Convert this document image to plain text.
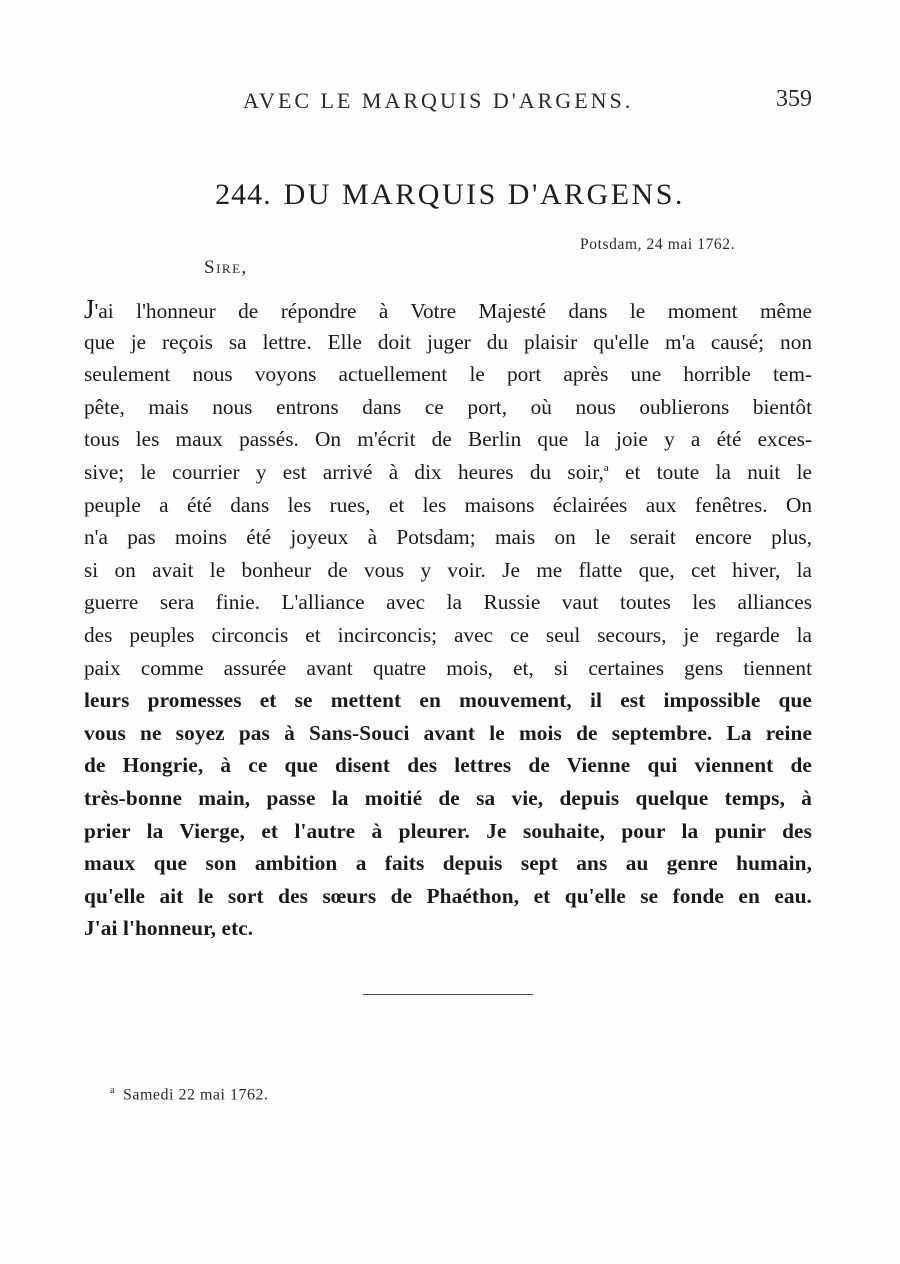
AVEC LE MARQUIS D'ARGENS.	359
244. DU MARQUIS D'ARGENS.
Potsdam, 24 mai 1762.
Sire,
J'ai l'honneur de répondre à Votre Majesté dans le moment même
que je reçois sa lettre. Elle doit juger du plaisir qu'elle m'a causé; non
seulement nous voyons actuellement le port après une horrible tem-
pête, mais nous entrons dans ce port, où nous oublierons bientôt
tous les maux passés. On m'écrit de Berlin que la joie y a été exces-
sive; le courrier y est arrivé à dix heures du soir,$^a$ et toute la nuit le
peuple a été dans les rues, et les maisons éclairées aux fenêtres. On
n'a pas moins été joyeux à Potsdam; mais on le serait encore plus,
si on avait le bonheur de vous y voir. Je me flatte que, cet hiver, la
guerre sera finie. L'alliance avec la Russie vaut toutes les alliances
des peuples circoncis et incirconcis; avec ce seul secours, je regarde la
paix comme assurée avant quatre mois, et, si certaines gens tiennent
leurs promesses et se mettent en mouvement, il est impossible que
vous ne soyez pas à Sans-Souci avant le mois de septembre. La reine
de Hongrie, à ce que disent des lettres de Vienne qui viennent de
très-bonne main, passe la moitié de sa vie, depuis quelque temps, à
prier la Vierge, et l'autre à pleurer. Je souhaite, pour la punir des
maux que son ambition a faits depuis sept ans au genre humain,
qu'elle ait le sort des sœurs de Phaéthon, et qu'elle se fonde en eau.
J'ai l'honneur, etc.
$^a$ Samedi 22 mai 1762.
